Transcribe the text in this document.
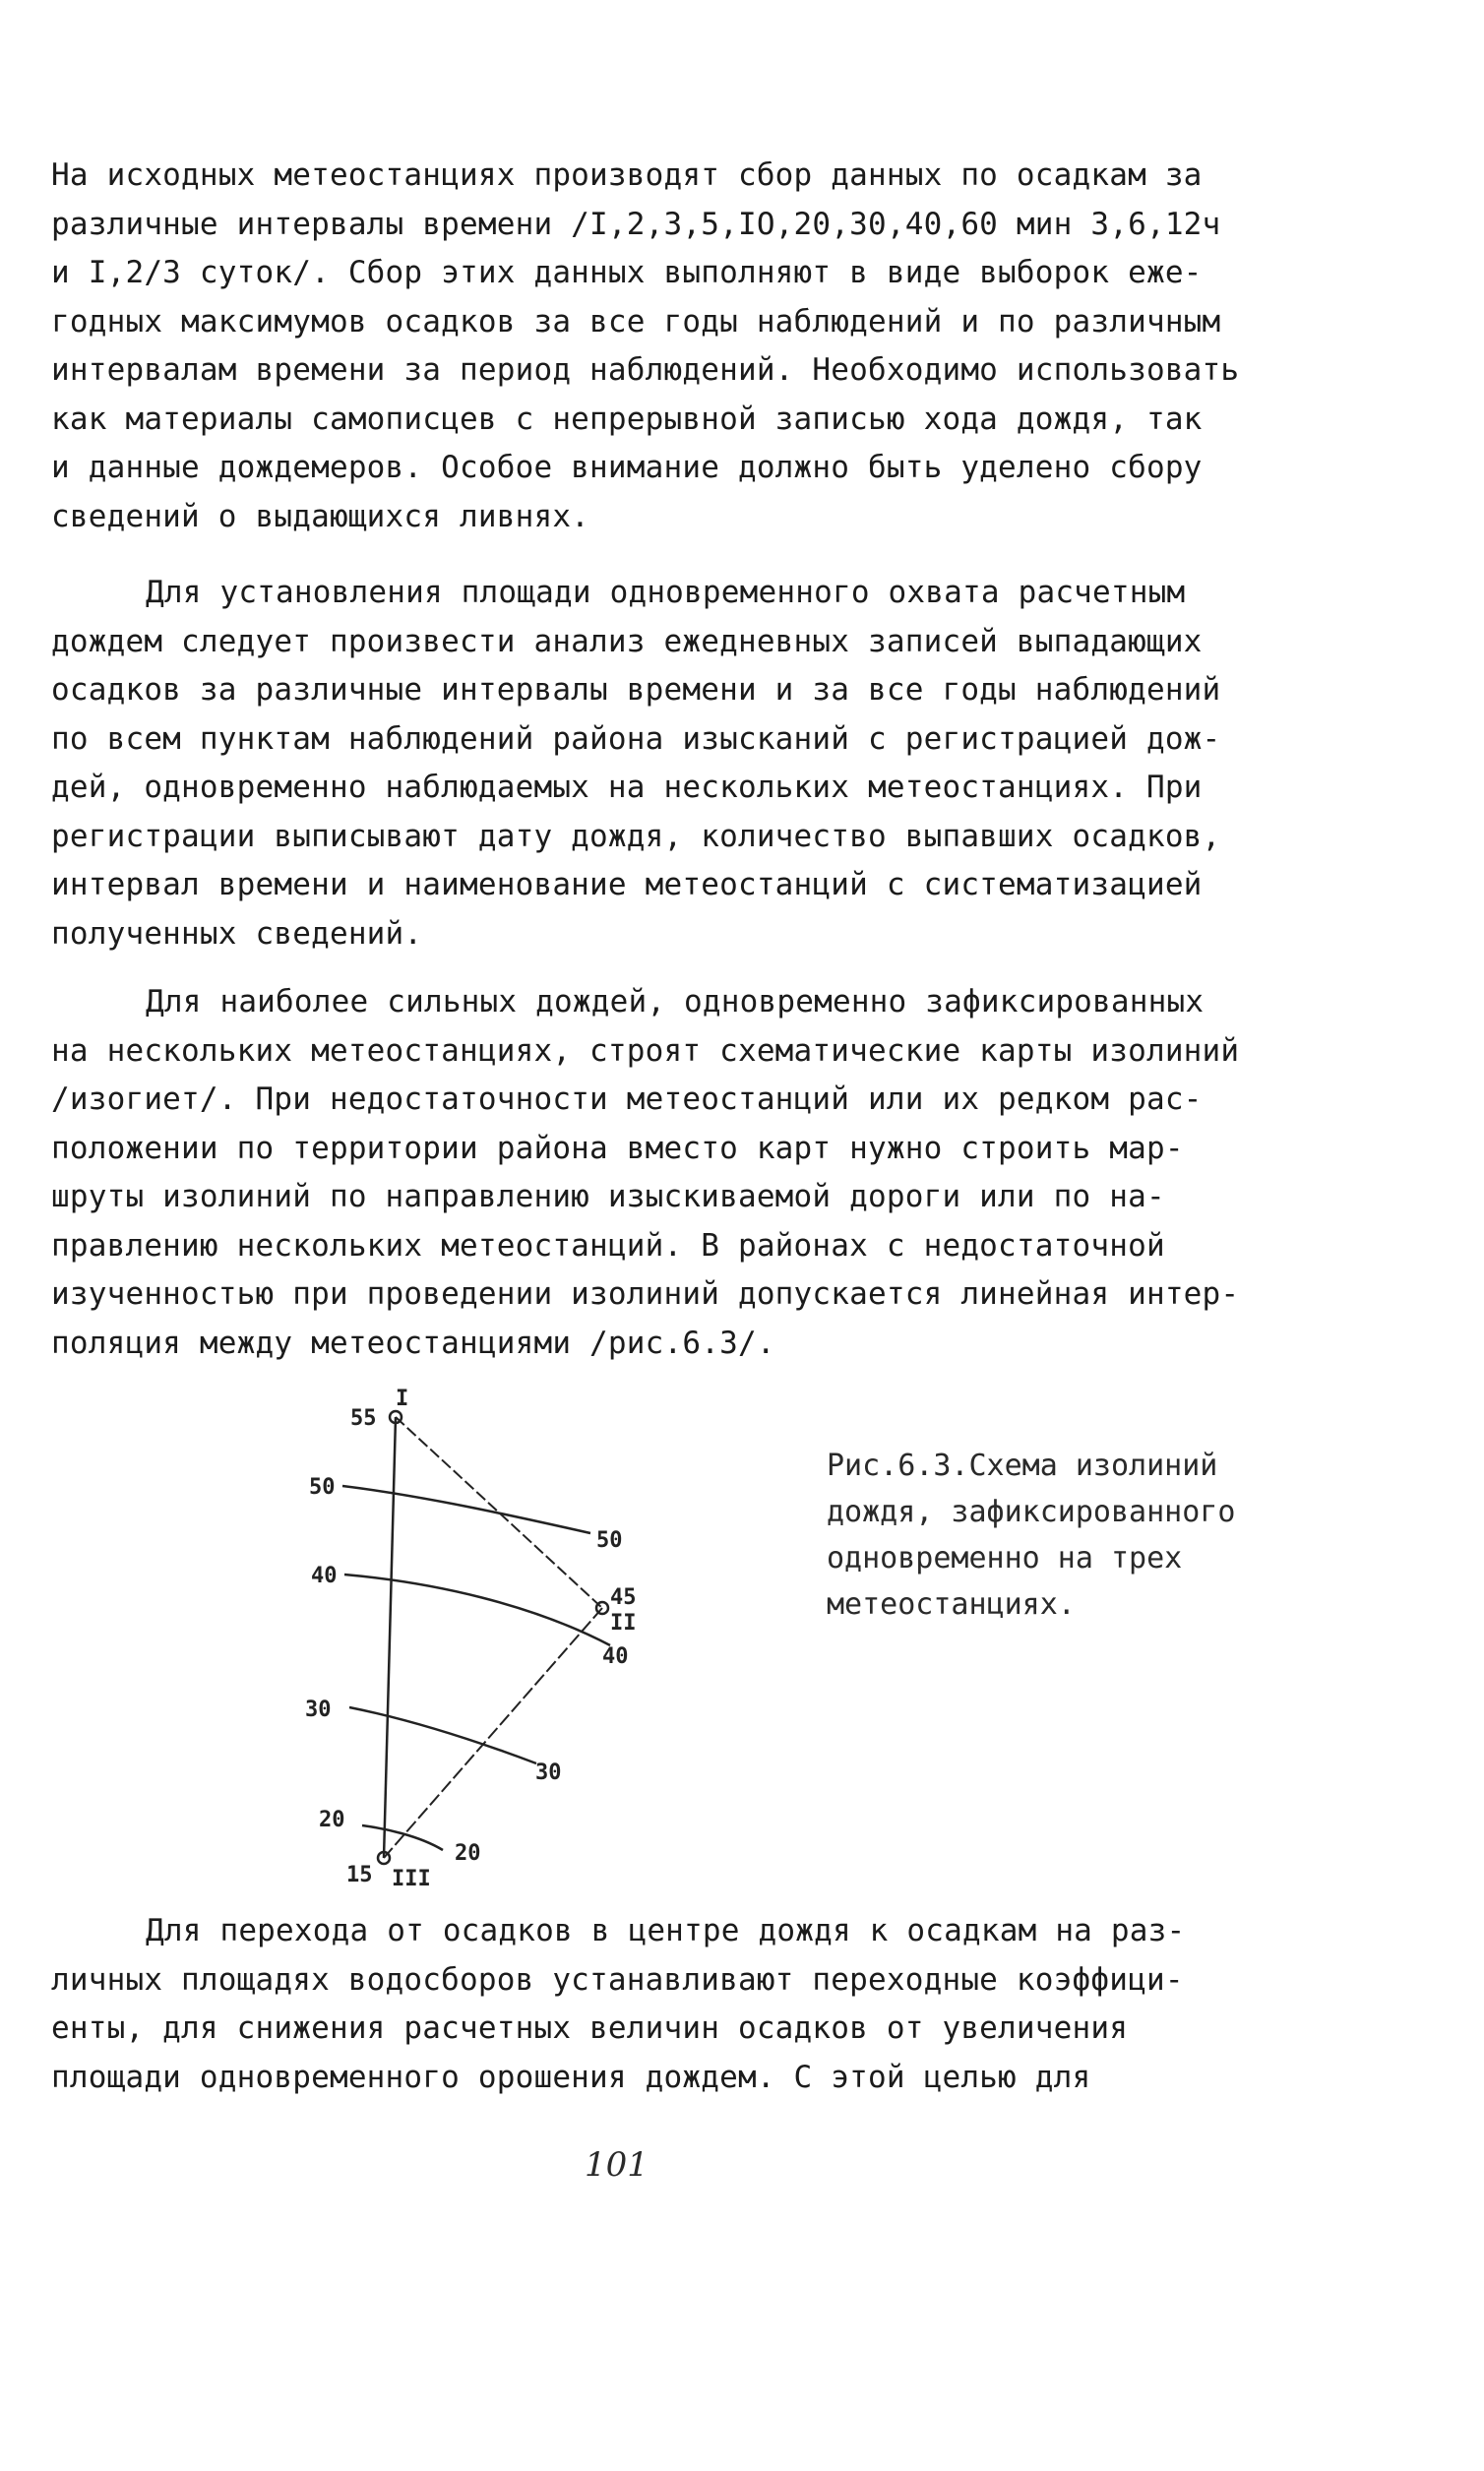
На исходных метеостанциях производят сбор данных по осадкам за
различные интервалы времени /I,2,3,5,IO,20,30,40,60 мин 3,6,12ч
и I,2/3 суток/. Сбор этих данных выполняют в виде выборок еже-
годных максимумов осадков за все годы наблюдений и по различным
интервалам времени за период наблюдений. Необходимо использовать
как материалы самописцев с непрерывной записью хода дождя, так
и данные дождемеров. Особое внимание должно быть уделено сбору
сведений о выдающихся ливнях.
Для установления площади одновременного охвата расчетным
дождем следует произвести анализ ежедневных записей выпадающих
осадков за различные интервалы времени и за все годы наблюдений
по всем пунктам наблюдений района изысканий с регистрацией дож-
дей, одновременно наблюдаемых на нескольких метеостанциях. При
регистрации выписывают дату дождя, количество выпавших осадков,
интервал времени и наименование метеостанций с систематизацией
полученных сведений.
Для наиболее сильных дождей, одновременно зафиксированных
на нескольких метеостанциях, строят схематические карты изолиний
/изогиет/. При недостаточности метеостанций или их редком рас-
положении по территории района вместо карт нужно строить мар-
шруты изолиний по направлению изыскиваемой дороги или по на-
правлению нескольких метеостанций. В районах с недостаточной
изученностью при проведении изолиний допускается линейная интер-
поляция между метеостанциями /рис.6.3/.
55
I
45
II
15 III
50
50
40
40
30
30
20
20
Рис.6.3.Схема изолиний
дождя, зафиксированного
одновременно на трех
метеостанциях.
Для перехода от осадков в центре дождя к осадкам на раз-
личных площадях водосборов устанавливают переходные коэффици-
енты, для снижения расчетных величин осадков от увеличения
площади одновременного орошения дождем. С этой целью для
101
